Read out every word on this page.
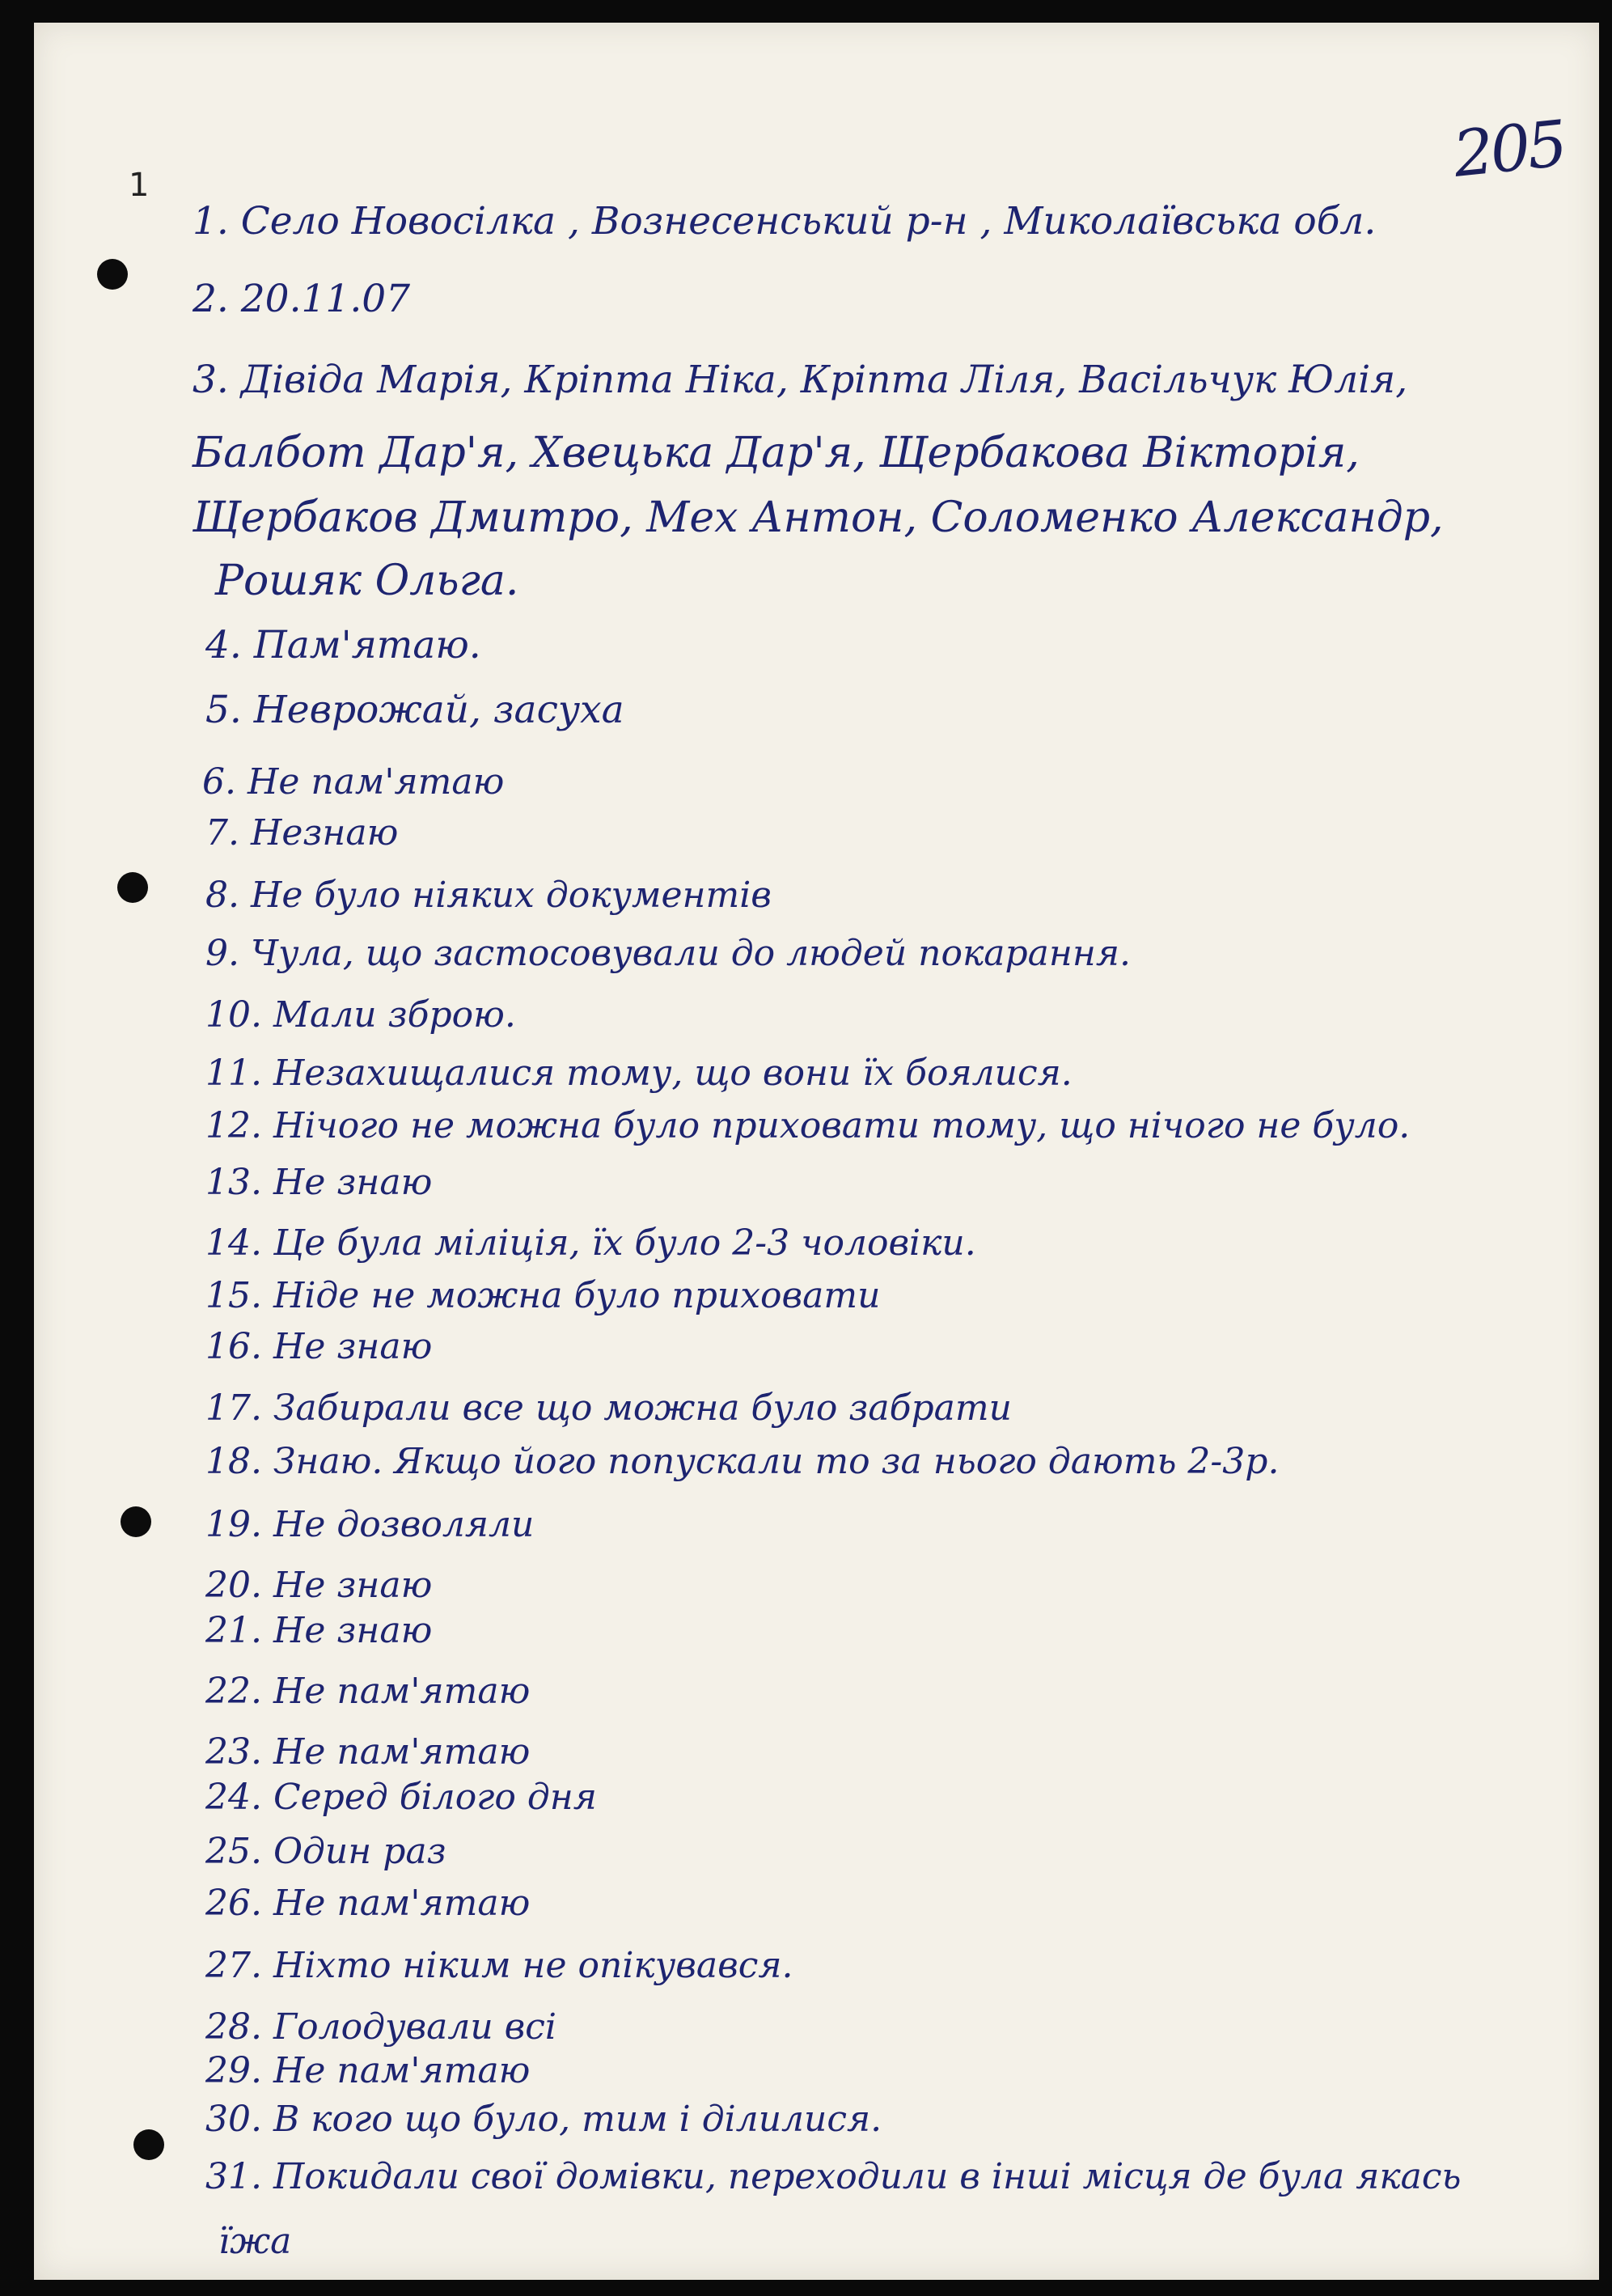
205
1
1. Село Новосілка , Вознесенський р-н , Миколаївська обл.
2. 20.11.07
3. Дівіда Марія, Кріпта Ніка, Кріпта Ліля, Васільчук Юлія,
Балбот Дар'я, Хвецька Дар'я, Щербакова Вікторія,
Щербаков Дмитро, Мех Антон, Соломенко Александр,
Рошяк Ольга.
4. Пам'ятаю.
5. Неврожай, засуха
6. Не пам'ятаю
7. Незнаю
8. Не було ніяких документів
9. Чула, що застосовували до людей покарання.
10. Мали зброю.
11. Незахищалися тому, що вони їх боялися.
12. Нічого не можна було приховати тому, що нічого не було.
13. Не знаю
14. Це була міліція, їх було 2-3 чоловіки.
15. Ніде не можна було приховати
16. Не знаю
17. Забирали все що можна було забрати
18. Знаю. Якщо його попускали то за нього дають 2-3р.
19. Не дозволяли
20. Не знаю
21. Не знаю
22. Не пам'ятаю
23. Не пам'ятаю
24. Серед білого дня
25. Один раз
26. Не пам'ятаю
27. Ніхто ніким не опікувався.
28. Голодували всі
29. Не пам'ятаю
30. В кого що було, тим і ділилися.
31. Покидали свої домівки, переходили в інші місця де була якась
їжа
